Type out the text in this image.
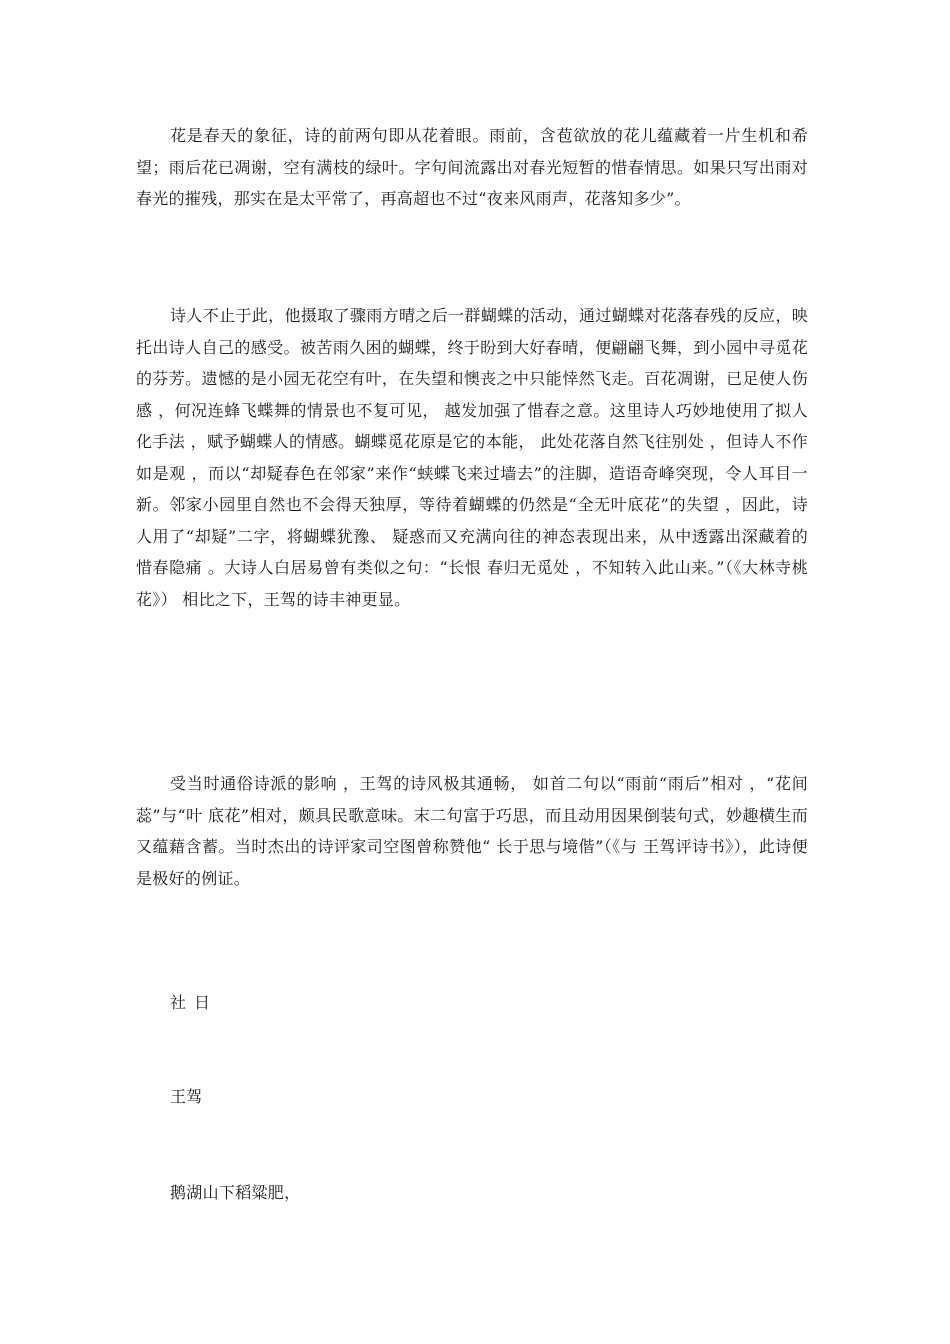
花是春天的象征，诗的前两句即从花着眼。雨前，含苞欲放的花儿蕴藏着一片生机和希望；雨后花已凋谢，空有满枝的绿叶。字句间流露出对春光短暂的惜春情思。如果只写出雨对春光的摧残，那实在是太平常了，再高超也不过“夜来风雨声，花落知多少”。

诗人不止于此，他摄取了骤雨方晴之后一群蝴蝶的活动，通过蝴蝶对花落春残的反应，映托出诗人自己的感受。被苦雨久困的蝴蝶，终于盼到大好春晴，便翩翩飞舞，到小园中寻觅花的芬芳。遗憾的是小园无花空有叶，在失望和懊丧之中只能悻然飞走。百花凋谢，已足使人伤感 ，何况连蜂飞蝶舞的情景也不复可见， 越发加强了惜春之意。这里诗人巧妙地使用了拟人化手法 ，赋予蝴蝶人的情感。蝴蝶觅花原是它的本能， 此处花落自然飞往别处 ，但诗人不作如是观 ，而以“却疑春色在邻家”来作“蛱蝶飞来过墙去”的注脚，造语奇峰突现，令人耳目一新。邻家小园里自然也不会得天独厚，等待着蝴蝶的仍然是“全无叶底花”的失望 ，因此，诗人用了“却疑”二字，将蝴蝶犹豫、 疑惑而又充满向往的神态表现出来，从中透露出深藏着的惜春隐痛 。大诗人白居易曾有类似之句：“长恨 春归无觅处 ，不知转入此山来。”（《大林寺桃花》） 相比之下，王驾的诗丰神更显。

受当时通俗诗派的影响 ，王驾的诗风极其通畅， 如首二句以“雨前“雨后”相对 ，“花间蕊”与“叶 底花”相对，颇具民歌意味。末二句富于巧思，而且动用因果倒装句式，妙趣横生而又蕴藉含蓄。当时杰出的诗评家司空图曾称赞他“ 长于思与境偕”（《与 王驾评诗书》），此诗便是极好的例证。

社日

王驾

鹅湖山下稻粱肥，
